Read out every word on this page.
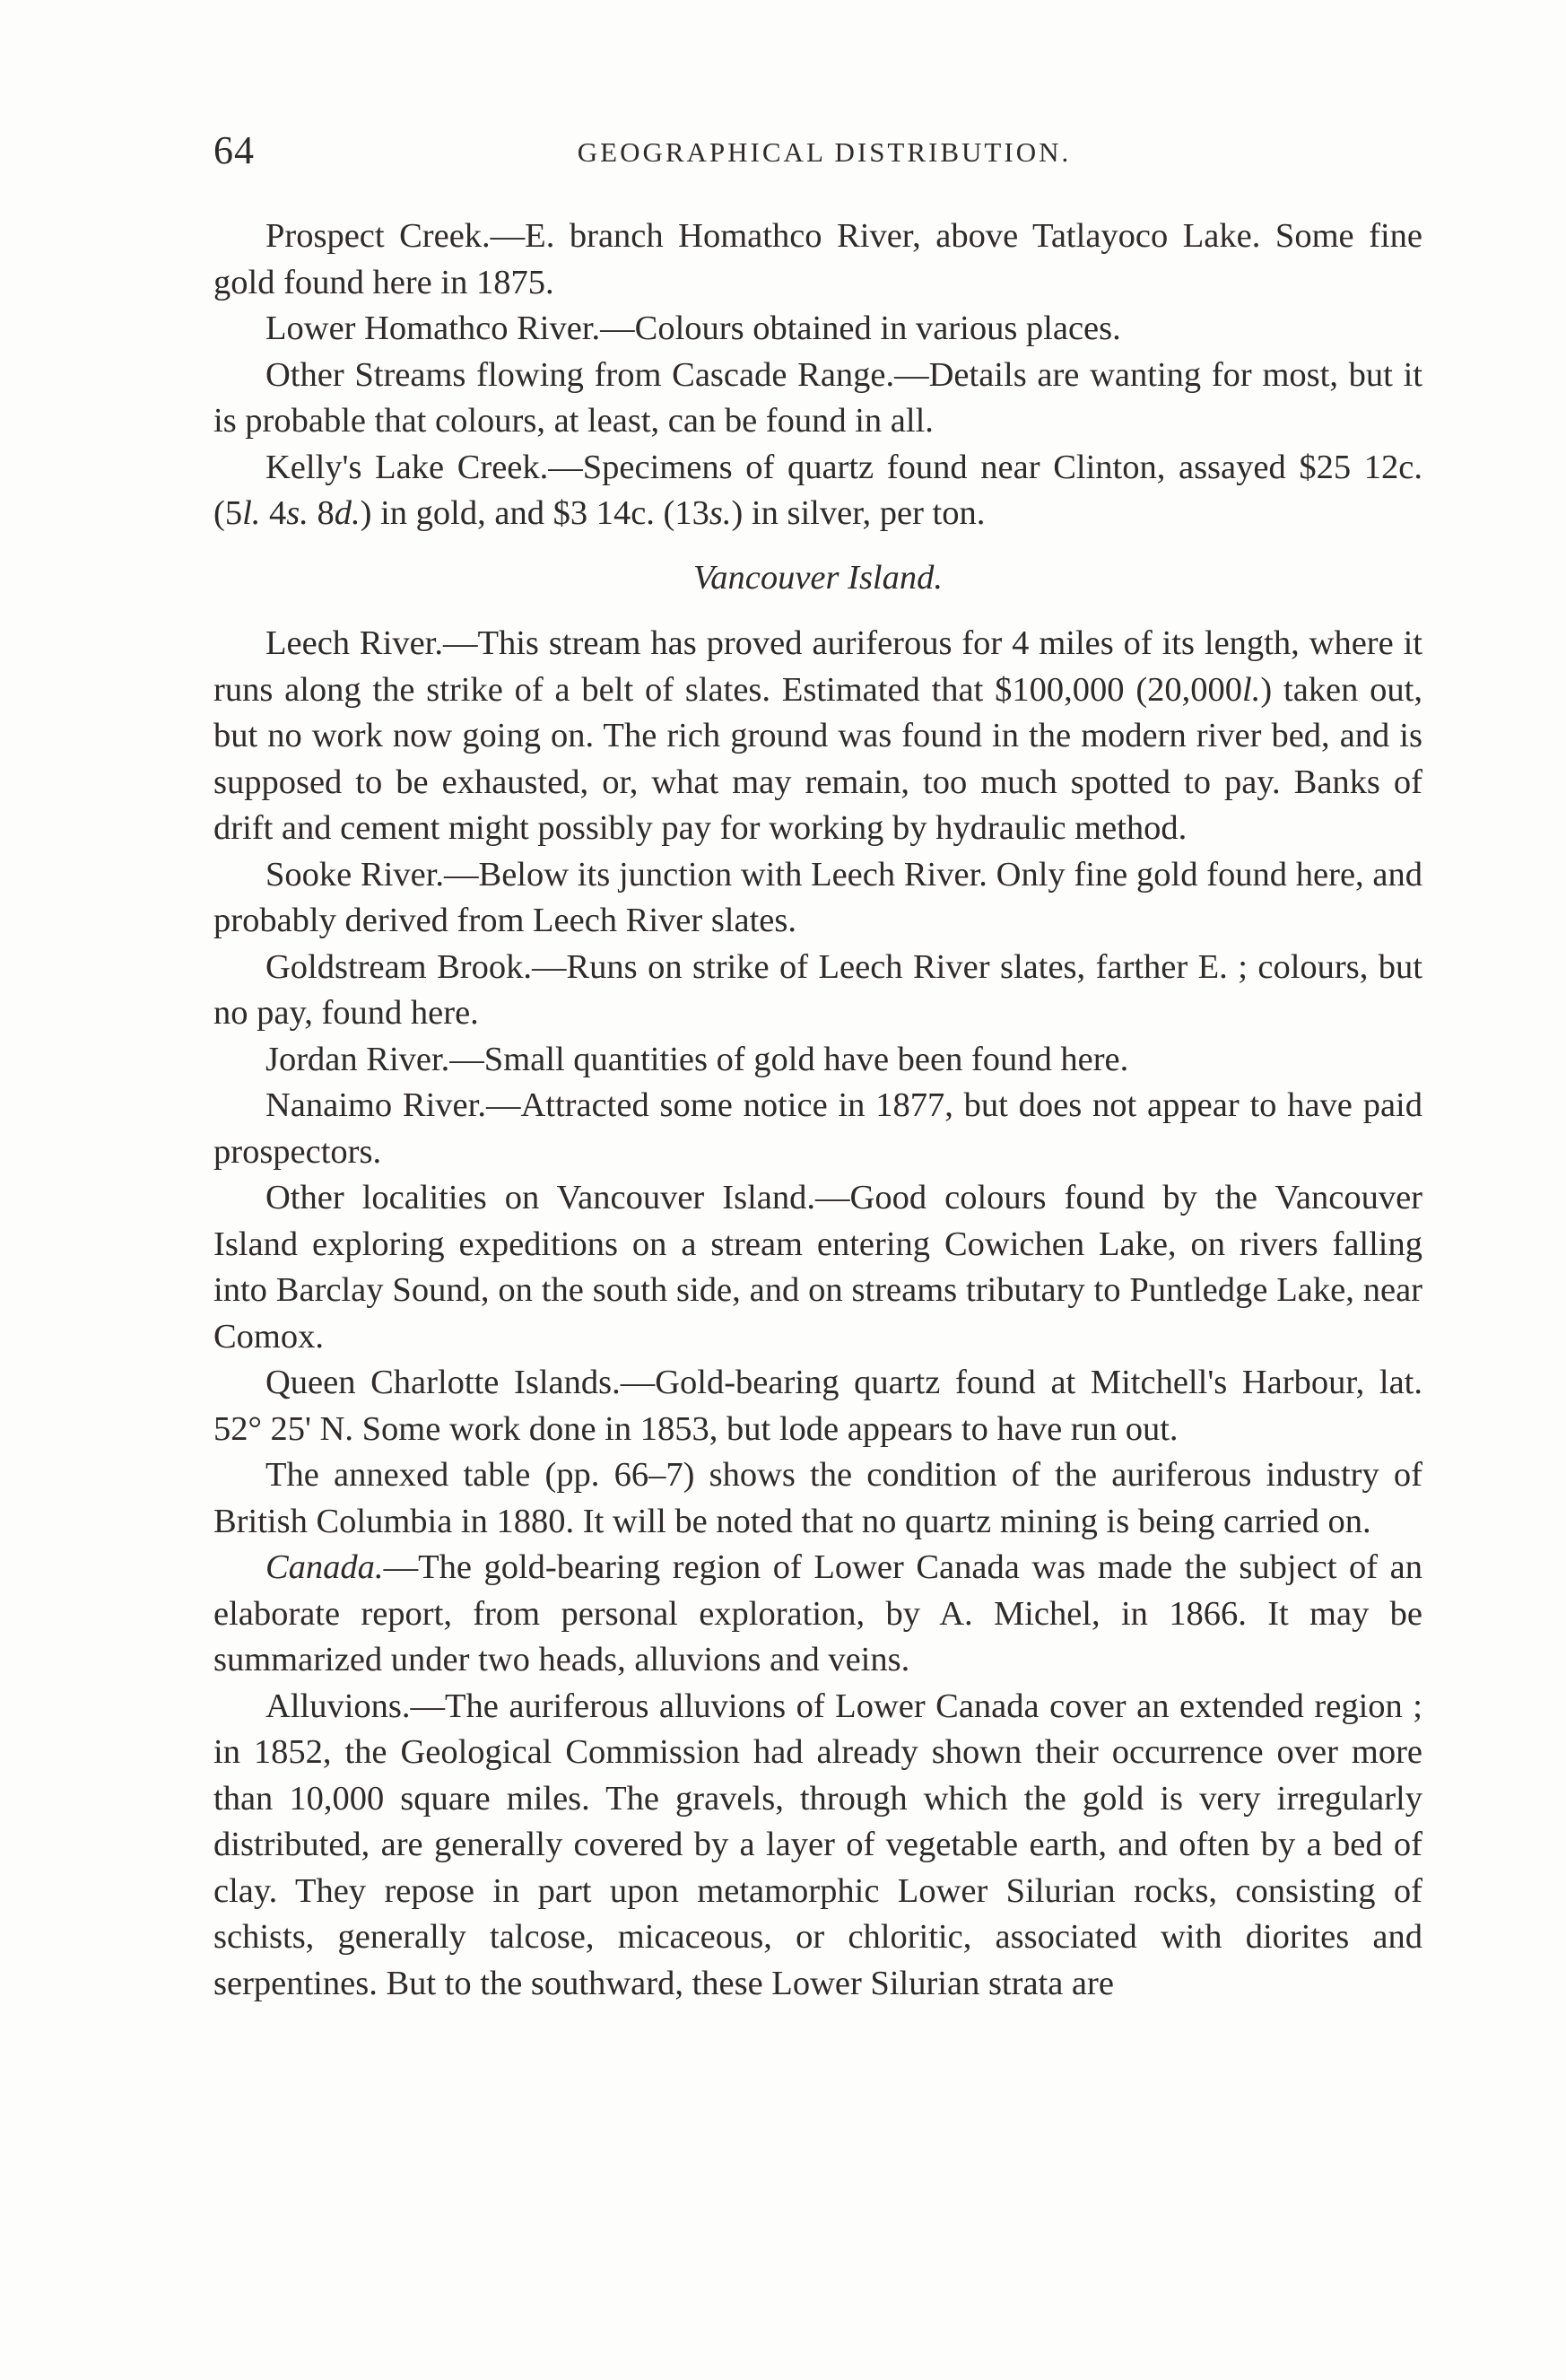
64	GEOGRAPHICAL DISTRIBUTION.

Prospect Creek.—E. branch Homathco River, above Tatlayoco Lake. Some fine gold found here in 1875.

Lower Homathco River.—Colours obtained in various places.

Other Streams flowing from Cascade Range.—Details are wanting for most, but it is probable that colours, at least, can be found in all.

Kelly's Lake Creek.—Specimens of quartz found near Clinton, assayed $25 12c. (5l. 4s. 8d.) in gold, and $3 14c. (13s.) in silver, per ton.

Vancouver Island.

Leech River.—This stream has proved auriferous for 4 miles of its length, where it runs along the strike of a belt of slates. Estimated that $100,000 (20,000l.) taken out, but no work now going on. The rich ground was found in the modern river bed, and is supposed to be exhausted, or, what may remain, too much spotted to pay. Banks of drift and cement might possibly pay for working by hydraulic method.

Sooke River.—Below its junction with Leech River. Only fine gold found here, and probably derived from Leech River slates.

Goldstream Brook.—Runs on strike of Leech River slates, farther E. ; colours, but no pay, found here.

Jordan River.—Small quantities of gold have been found here.

Nanaimo River.—Attracted some notice in 1877, but does not appear to have paid prospectors.

Other localities on Vancouver Island.—Good colours found by the Vancouver Island exploring expeditions on a stream entering Cowichen Lake, on rivers falling into Barclay Sound, on the south side, and on streams tributary to Puntledge Lake, near Comox.

Queen Charlotte Islands.—Gold-bearing quartz found at Mitchell's Harbour, lat. 52° 25' N. Some work done in 1853, but lode appears to have run out.

The annexed table (pp. 66–7) shows the condition of the auriferous industry of British Columbia in 1880. It will be noted that no quartz mining is being carried on.

Canada.—The gold-bearing region of Lower Canada was made the subject of an elaborate report, from personal exploration, by A. Michel, in 1866. It may be summarized under two heads, alluvions and veins.

Alluvions.—The auriferous alluvions of Lower Canada cover an extended region ; in 1852, the Geological Commission had already shown their occurrence over more than 10,000 square miles. The gravels, through which the gold is very irregularly distributed, are generally covered by a layer of vegetable earth, and often by a bed of clay. They repose in part upon metamorphic Lower Silurian rocks, consisting of schists, generally talcose, micaceous, or chloritic, associated with diorites and serpentines. But to the southward, these Lower Silurian strata are
